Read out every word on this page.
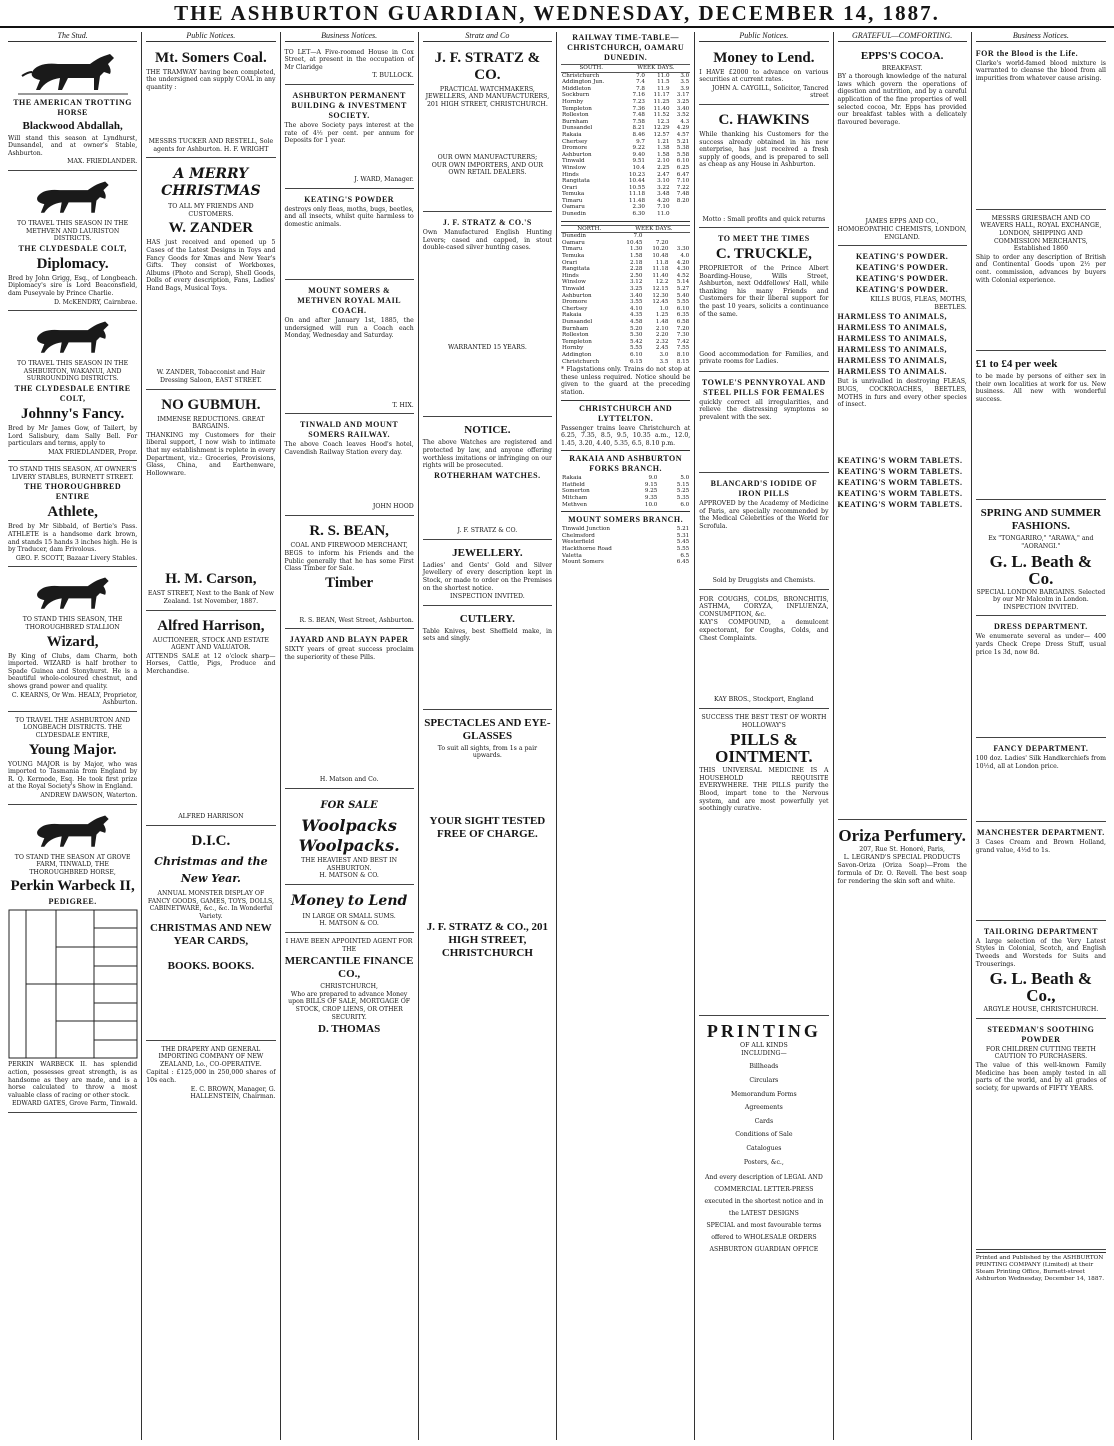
THE ASHBURTON GUARDIAN, WEDNESDAY, DECEMBER 14, 1887.
The Stud.
THE AMERICAN TROTTING HORSE
Blackwood Abdallah,
Will stand this season at Lyndhurst, Dunsandel, and at owner's Stable, Ashburton.
MAX. FRIEDLANDER.
TO TRAVEL THIS SEASON IN THE METHVEN AND LAURISTON DISTRICTS.
THE CLYDESDALE COLT,
Diplomacy.
Bred by John Grigg, Esq., of Longbeach. Diplomacy's sire is Lord Beaconsfield, dam Puseyvale by Prince Charlie.
D. McKENDRY, Cairnbrae.
TO TRAVEL THIS SEASON IN THE ASHBURTON, WAKANUI, AND SURROUNDING DISTRICTS.
THE CLYDESDALE ENTIRE COLT,
Johnny's Fancy.
Bred by Mr James Gow, of Tailert, by Lord Salisbury, dam Sally Bell. For particulars and terms, apply to
MAX FRIEDLANDER, Propr.
TO STAND THIS SEASON, AT OWNER'S LIVERY STABLES, BURNETT STREET.
THE THOROUGHBRED ENTIRE
Athlete,
Bred by Mr Sibbald, of Bertie's Pass. ATHLETE is a handsome dark brown, and stands 15 hands 3 inches high. He is by Traducer, dam Frivolous.
GEO. F. SCOTT, Bazaar Livery Stables.
TO STAND THIS SEASON, THE THOROUGHBRED STALLION
Wizard,
By King of Clubs, dam Charm, both imported. WIZARD is half brother to Spade Guinea and Stonyhurst. He is a beautiful whole-coloured chestnut, and shows grand power and quality.
C. KEARNS, Or Wm. HEALY, Proprietor, Ashburton.
TO TRAVEL THE ASHBURTON AND LONGBEACH DISTRICTS. THE CLYDESDALE ENTIRE,
Young Major.
YOUNG MAJOR is by Major, who was imported to Tasmania from England by R. Q. Kermode, Esq. He took first prize at the Royal Society's Show in England.
ANDREW DAWSON, Waterton.
TO STAND THE SEASON AT GROVE FARM, TINWALD, THE THOROUGHBRED HORSE,
Perkin Warbeck II,
PEDIGREE.
PERKIN WARBECK II. has splendid action, possesses great strength, is as handsome as they are made, and is a horse calculated to throw a most valuable class of racing or other stock.
EDWARD GATES, Grove Farm, Tinwald.
Public Notices.
Mt. Somers Coal.
THE TRAMWAY having been completed, the undersigned can supply COAL in any quantity :
MESSRS TUCKER AND RESTELL, Sole agents for Ashburton. H. F. WRIGHT
A MERRY CHRISTMAS
TO ALL MY FRIENDS AND CUSTOMERS.
W. ZANDER
HAS just received and opened up 5 Cases of the Latest Designs in Toys and Fancy Goods for Xmas and New Year's Gifts. They consist of Workboxes, Albums (Photo and Scrap), Shell Goods, Dolls of every description, Fans, Ladies' Hand Bags, Musical Toys.
W. ZANDER, Tobacconist and Hair Dressing Saloon, EAST STREET.
NO GUBMUH.
IMMENSE REDUCTIONS. GREAT BARGAINS.
THANKING my Customers for their liberal support, I now wish to intimate that my establishment is replete in every Department, viz.: Groceries, Provisions, Glass, China, and Earthenware, Hollowware.
H. M. Carson,
EAST STREET, Next to the Bank of New Zealand. 1st November, 1887.
Alfred Harrison,
AUCTIONEER, STOCK AND ESTATE AGENT AND VALUATOR.
ATTENDS SALE at 12 o'clock sharp—Horses, Cattle, Pigs, Produce and Merchandise.
ALFRED HARRISON
D.I.C.
Christmas and the New Year.
ANNUAL MONSTER DISPLAY OF FANCY GOODS, GAMES, TOYS, DOLLS, CABINETWARE, &c., &c. In Wonderful Variety.
CHRISTMAS AND NEW YEAR CARDS,
BOOKS. BOOKS.
THE DRAPERY AND GENERAL IMPORTING COMPANY OF NEW ZEALAND, Lo., CO-OPERATIVE.
Capital : £125,000 in 250,000 shares of 10s each.
E. C. BROWN, Manager, G. HALLENSTEIN, Chairman.
Business Notices.
TO LET—A Five-roomed House in Cox Street, at present in the occupation of Mr Claridge
T. BULLOCK.
ASHBURTON PERMANENT BUILDING & INVESTMENT SOCIETY.
The above Society pays interest at the rate of 4½ per cent. per annum for Deposits for 1 year.
J. WARD, Manager.
KEATING'S POWDER
destroys only fleas, moths, bugs, beetles, and all insects, whilst quite harmless to domestic animals.
MOUNT SOMERS & METHVEN ROYAL MAIL COACH.
On and after January 1st, 1885, the undersigned will run a Coach each Monday, Wednesday and Saturday.
T. HIX.
TINWALD AND MOUNT SOMERS RAILWAY.
The above Coach leaves Hood's hotel, Cavendish Railway Station every day.
JOHN HOOD
R. S. BEAN,
COAL AND FIREWOOD MERCHANT,
BEGS to inform his Friends and the Public generally that he has some First Class Timber for Sale.
Timber
R. S. BEAN, West Street, Ashburton.
JAYARD AND BLAYN PAPER
SIXTY years of great success proclaim the superiority of these Pills.
H. Matson and Co.
FOR SALE
Woolpacks
Woolpacks.
THE HEAVIEST AND BEST IN ASHBURTON.
H. MATSON & CO.
Money to Lend
IN LARGE OR SMALL SUMS.
H. MATSON & CO.
I HAVE BEEN APPOINTED AGENT FOR THE
MERCANTILE FINANCE CO.,
CHRISTCHURCH,
Who are prepared to advance Money upon BILLS OF SALE, MORTGAGE OF STOCK, CROP LIENS, OR OTHER SECURITY.
D. THOMAS
Stratz and Co
J. F. STRATZ & CO.
PRACTICAL WATCHMAKERS, JEWELLERS, AND MANUFACTURERS,
201 HIGH STREET, CHRISTCHURCH.
OUR OWN MANUFACTURERS;
OUR OWN IMPORTERS, AND OUR OWN RETAIL DEALERS.
J. F. STRATZ & CO.'S
Own Manufactured English Hunting Levers; cased and capped, in stout double-cased silver hunting cases.
WARRANTED 15 YEARS.
NOTICE.
The above Watches are registered and protected by law, and anyone offering worthless imitations or infringing on our rights will be prosecuted.
ROTHERHAM WATCHES.
J. F. STRATZ & CO.
JEWELLERY.
Ladies' and Gents' Gold and Silver Jewellery of every description kept in Stock, or made to order on the Premises on the shortest notice.
INSPECTION INVITED.
CUTLERY.
Table Knives, best Sheffield make, in sets and singly.
SPECTACLES AND EYE-GLASSES
To suit all sights, from 1s a pair upwards.
YOUR SIGHT TESTED FREE OF CHARGE.
J. F. STRATZ & CO., 201 HIGH STREET, CHRISTCHURCH
RAILWAY TIME-TABLE—CHRISTCHURCH, OAMARU DUNEDIN.
SOUTH.	WEEK DAYS.		
Christchurch	7.0	11.0	3.0
Addington Jun.	7.4	11.5	3.5
Middleton	7.8	11.9	3.9
Sockburn	7.16	11.17	3.17
Hornby	7.23	11.25	3.25
Templeton	7.36	11.40	3.40
Rolleston	7.48	11.52	3.52
Burnham	7.58	12.3	4.3
Dunsandel	8.21	12.29	4.29
Rakaia	8.46	12.57	4.57
Chertsey	9.7	1.21	5.21
Dromore	9.22	1.38	5.38
Ashburton	9.40	1.58	5.58
Tinwald	9.51	2.10	6.10
Winslow	10.4	2.25	6.25
Hinds	10.23	2.47	6.47
Rangitata	10.44	3.10	7.10
Orari	10.55	3.22	7.22
Temuka	11.18	3.48	7.48
Timaru	11.48	4.20	8.20
Oamaru	2.30	7.10	
Dunedin	6.30	11.0	
NORTH.	WEEK DAYS.		
Dunedin	7.0		
Oamaru	10.45	7.20	
Timaru	1.30	10.20	3.30
Temuka	1.58	10.48	4.0
Orari	2.18	11.8	4.20
Rangitata	2.28	11.18	4.30
Hinds	2.50	11.40	4.52
Winslow	3.12	12.2	5.14
Tinwald	3.25	12.15	5.27
Ashburton	3.40	12.30	5.40
Dromore	3.55	12.45	5.55
Chertsey	4.10	1.0	6.10
Rakaia	4.35	1.25	6.35
Dunsandel	4.58	1.48	6.58
Burnham	5.20	2.10	7.20
Rolleston	5.30	2.20	7.30
Templeton	5.42	2.32	7.42
Hornby	5.55	2.45	7.55
Addington	6.10	3.0	8.10
Christchurch	6.15	3.5	8.15
* Flagstations only. Trains do not stop at these unless required. Notice should be given to the guard at the preceding station.
CHRISTCHURCH AND LYTTELTON.
Passenger trains leave Christchurch at 6.25, 7.35, 8.5, 9.5, 10.35 a.m., 12.0, 1.45, 3.20, 4.40, 5.35, 6.5, 8.10 p.m.
RAKAIA AND ASHBURTON FORKS BRANCH.
Rakaia	9.0	5.0
Hatfield	9.15	5.15
Somerton	9.25	5.25
Mitcham	9.35	5.35
Methven	10.0	6.0
MOUNT SOMERS BRANCH.
Tinwald Junction	5.21
Chelmsford	5.31
Westerfield	5.45
Hackthorne Road	5.55
Valetta	6.5
Mount Somers	6.45
Public Notices.
Money to Lend.
I HAVE £2000 to advance on various securities at current rates.
JOHN A. CAYGILL, Solicitor, Tancred street
C. HAWKINS
While thanking his Customers for the success already obtained in his new enterprise, has just received a fresh supply of goods, and is prepared to sell as cheap as any House in Ashburton.
Motto : Small profits and quick returns
TO MEET THE TIMES
C. TRUCKLE,
PROPRIETOR of the Prince Albert Boarding-House, Wills Street, Ashburton, next Oddfellows' Hall, while thanking his many Friends and Customers for their liberal support for the past 10 years, solicits a continuance of the same.
Good accommodation for Families, and private rooms for Ladies.
TOWLE'S PENNYROYAL AND STEEL PILLS FOR FEMALES
quickly correct all irregularities, and relieve the distressing symptoms so prevalent with the sex.
BLANCARD'S IODIDE OF IRON PILLS
APPROVED by the Academy of Medicine of Paris, are specially recommended by the Medical Celebrities of the World for Scrofula.
Sold by Druggists and Chemists.
FOR COUGHS, COLDS, BRONCHITIS, ASTHMA, CORYZA, INFLUENZA, CONSUMPTION, &c.
KAY'S COMPOUND, a demulcent expectorant, for Coughs, Colds, and Chest Complaints.
KAY BROS., Stockport, England
SUCCESS THE BEST TEST OF WORTH
HOLLOWAY'S
PILLS & OINTMENT.
THIS UNIVERSAL MEDICINE IS A HOUSEHOLD REQUISITE EVERYWHERE. THE PILLS purify the Blood, impart tone to the Nervous system, and are most powerfully yet soothingly curative.
PRINTING
OF ALL KINDS
INCLUDING—
Billheads
Circulars
Memorandum Forms
Agreements
Cards
Conditions of Sale
Catalogues
Posters, &c.,
And every description of LEGAL AND COMMERCIAL LETTER-PRESS executed in the shortest notice and in the LATEST DESIGNS
SPECIAL and most favourable terms offered to WHOLESALE ORDERS ASHBURTON GUARDIAN OFFICE
GRATEFUL—COMFORTING.
EPPS'S COCOA.
BREAKFAST.
BY a thorough knowledge of the natural laws which govern the operations of digestion and nutrition, and by a careful application of the fine properties of well selected cocoa, Mr. Epps has provided our breakfast tables with a delicately flavoured beverage.
JAMES EPPS AND CO., HOMOEOPATHIC CHEMISTS, LONDON, ENGLAND.
KEATING'S POWDER.
KEATING'S POWDER.
KEATING'S POWDER.
KEATING'S POWDER.
KILLS BUGS, FLEAS, MOTHS, BEETLES.
HARMLESS TO ANIMALS,
HARMLESS TO ANIMALS,
HARMLESS TO ANIMALS,
HARMLESS TO ANIMALS,
HARMLESS TO ANIMALS,
HARMLESS TO ANIMALS.
But is unrivalled in destroying FLEAS, BUGS, COCKROACHES, BEETLES, MOTHS in furs and every other species of insect.
KEATING'S WORM TABLETS.
KEATING'S WORM TABLETS.
KEATING'S WORM TABLETS.
KEATING'S WORM TABLETS.
KEATING'S WORM TABLETS.
Oriza Perfumery.
207, Rue St. Honoré, Paris,
L. LEGRAND'S SPECIAL PRODUCTS
Savon-Oriza (Oriza Soap)—From the formula of Dr. O. Revell. The best soap for rendering the skin soft and white.
Business Notices.
FOR the Blood is the Life.
Clarke's world-famed blood mixture is warranted to cleanse the blood from all impurities from whatever cause arising.
MESSRS GRIESBACH AND CO
WEAVERS HALL, ROYAL EXCHANGE, LONDON, SHIPPING AND COMMISSION MERCHANTS,
Established 1860
Ship to order any description of British and Continental Goods upon 2½ per cent. commission, advances by buyers with Colonial experience.
£1 to £4 per week
to be made by persons of either sex in their own localities at work for us. New business. All new with wonderful success.
SPRING AND SUMMER FASHIONS.
Ex "TONGARIRO," "ARAWA," and "AORANGI."
G. L. Beath & Co.
SPECIAL LONDON BARGAINS. Selected by our Mr Malcolm in London.
INSPECTION INVITED.
DRESS DEPARTMENT.
We enumerate several as under— 400 yards Check Crepe Dress Stuff, usual price 1s 3d, now 8d.
FANCY DEPARTMENT.
100 doz. Ladies' Silk Handkerchiefs from 10½d, all at London price.
MANCHESTER DEPARTMENT.
3 Cases Cream and Brown Holland, grand value, 4½d to 1s.
TAILORING DEPARTMENT
A large selection of the Very Latest Styles in Colonial, Scotch, and English Tweeds and Worsteds for Suits and Trouserings.
G. L. Beath & Co.,
ARGYLE HOUSE, CHRISTCHURCH.
STEEDMAN'S SOOTHING POWDER
FOR CHILDREN CUTTING TEETH
CAUTION TO PURCHASERS.
The value of this well-known Family Medicine has been amply tested in all parts of the world, and by all grades of society, for upwards of FIFTY YEARS.
Printed and Published by the ASHBURTON PRINTING COMPANY (Limited) at their Steam Printing Office, Burnett-street Ashburton Wednesday, December 14, 1887.
